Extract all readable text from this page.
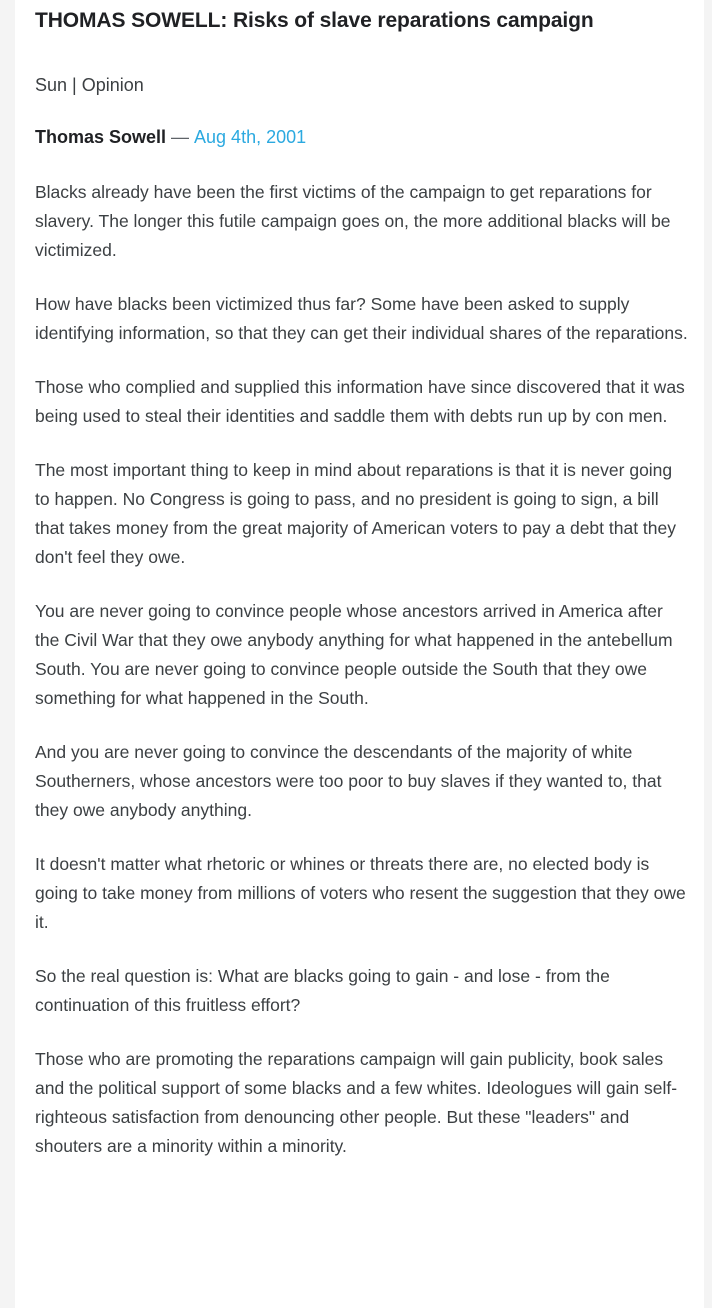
THOMAS SOWELL: Risks of slave reparations campaign

Sun | Opinion

Thomas Sowell — Aug 4th, 2001

Blacks already have been the first victims of the campaign to get reparations for slavery. The longer this futile campaign goes on, the more additional blacks will be victimized.

How have blacks been victimized thus far? Some have been asked to supply identifying information, so that they can get their individual shares of the reparations.

Those who complied and supplied this information have since discovered that it was being used to steal their identities and saddle them with debts run up by con men.

The most important thing to keep in mind about reparations is that it is never going to happen. No Congress is going to pass, and no president is going to sign, a bill that takes money from the great majority of American voters to pay a debt that they don't feel they owe.

You are never going to convince people whose ancestors arrived in America after the Civil War that they owe anybody anything for what happened in the antebellum South. You are never going to convince people outside the South that they owe something for what happened in the South.

And you are never going to convince the descendants of the majority of white Southerners, whose ancestors were too poor to buy slaves if they wanted to, that they owe anybody anything.

It doesn't matter what rhetoric or whines or threats there are, no elected body is going to take money from millions of voters who resent the suggestion that they owe it.

So the real question is: What are blacks going to gain - and lose - from the continuation of this fruitless effort?

Those who are promoting the reparations campaign will gain publicity, book sales and the political support of some blacks and a few whites. Ideologues will gain self-righteous satisfaction from denouncing other people. But these "leaders" and shouters are a minority within a minority.
